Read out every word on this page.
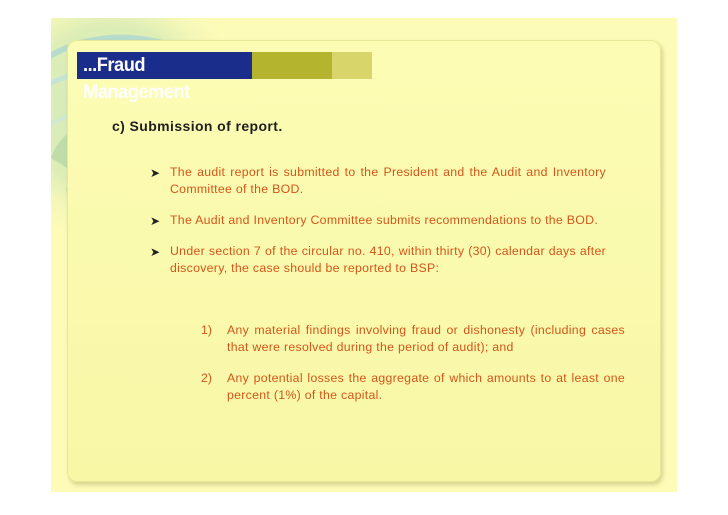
...Fraud Management
c) Submission of report.
➤ The audit report is submitted to the President and the Audit and Inventory Committee of the BOD.
➤ The Audit and Inventory Committee submits recommendations to the BOD.
➤ Under section 7 of the circular no. 410, within thirty (30) calendar days after discovery, the case should be reported to BSP:
1) Any material findings involving fraud or dishonesty (including cases that were resolved during the period of audit); and
2) Any potential losses the aggregate of which amounts to at least one percent (1%) of the capital.
